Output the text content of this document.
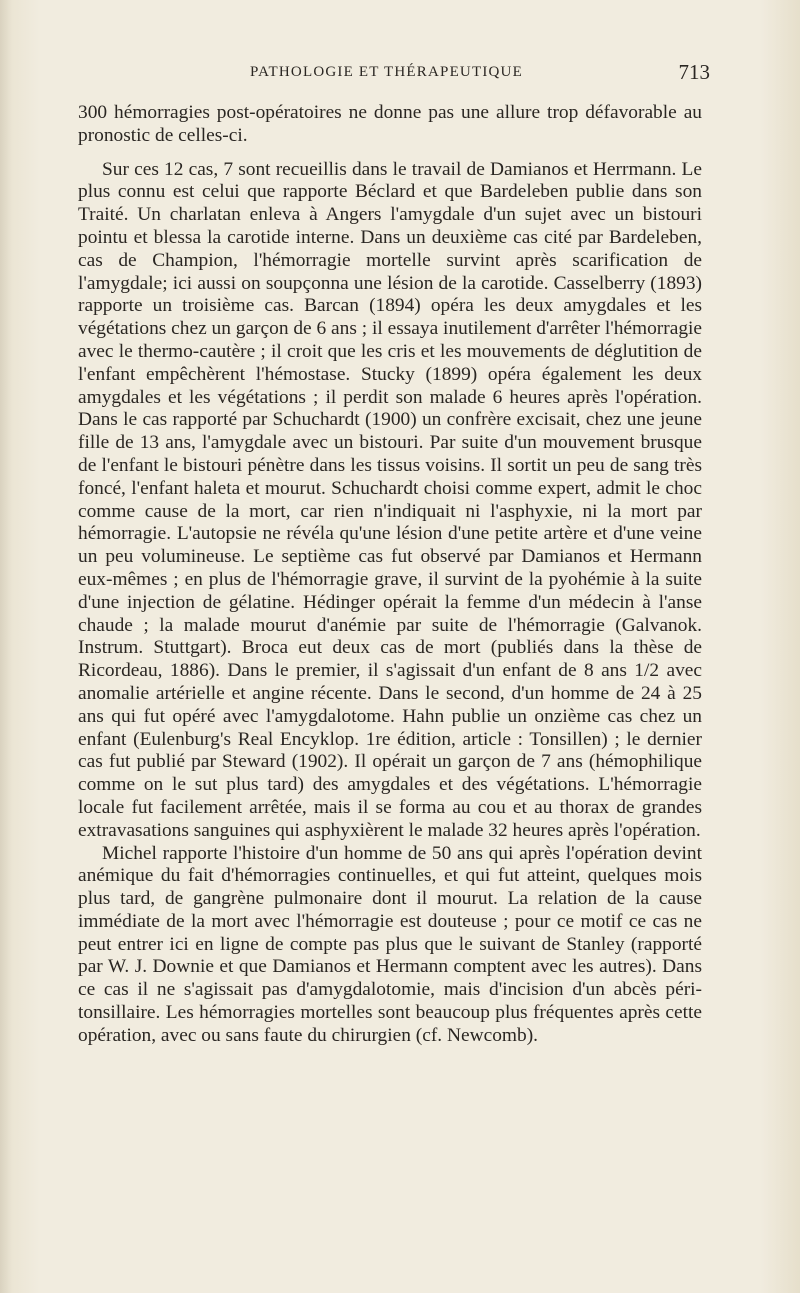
PATHOLOGIE ET THÉRAPEUTIQUE	713

300 hémorragies post-opératoires ne donne pas une allure trop défavorable au pronostic de celles-ci.

Sur ces 12 cas, 7 sont recueillis dans le travail de Damianos et Herrmann. Le plus connu est celui que rapporte Béclard et que Bardeleben publie dans son Traité. Un charlatan enleva à Angers l'amygdale d'un sujet avec un bistouri pointu et blessa la carotide interne. Dans un deuxième cas cité par Bardeleben, cas de Champion, l'hémorragie mortelle survint après scarification de l'amygdale; ici aussi on soupçonna une lésion de la carotide. Casselberry (1893) rapporte un troisième cas. Barcan (1894) opéra les deux amygdales et les végétations chez un garçon de 6 ans ; il essaya inutilement d'arrêter l'hémorragie avec le thermo-cautère ; il croit que les cris et les mouvements de déglutition de l'enfant empêchèrent l'hémostase. Stucky (1899) opéra également les deux amygdales et les végétations ; il perdit son malade 6 heures après l'opération. Dans le cas rapporté par Schuchardt (1900) un confrère excisait, chez une jeune fille de 13 ans, l'amygdale avec un bistouri. Par suite d'un mouvement brusque de l'enfant le bistouri pénètre dans les tissus voisins. Il sortit un peu de sang très foncé, l'enfant haleta et mourut. Schuchardt choisi comme expert, admit le choc comme cause de la mort, car rien n'indiquait ni l'asphyxie, ni la mort par hémorragie. L'autopsie ne révéla qu'une lésion d'une petite artère et d'une veine un peu volumineuse. Le septième cas fut observé par Damianos et Hermann eux-mêmes ; en plus de l'hémorragie grave, il survint de la pyohémie à la suite d'une injection de gélatine. Hédinger opérait la femme d'un médecin à l'anse chaude ; la malade mourut d'anémie par suite de l'hémorragie (Galvanok. Instrum. Stuttgart). Broca eut deux cas de mort (publiés dans la thèse de Ricordeau, 1886). Dans le premier, il s'agissait d'un enfant de 8 ans 1/2 avec anomalie artérielle et angine récente. Dans le second, d'un homme de 24 à 25 ans qui fut opéré avec l'amygdalotome. Hahn publie un onzième cas chez un enfant (Eulenburg's Real Encyklop. 1re édition, article : Tonsillen) ; le dernier cas fut publié par Steward (1902). Il opérait un garçon de 7 ans (hémophilique comme on le sut plus tard) des amygdales et des végétations. L'hémorragie locale fut facilement arrêtée, mais il se forma au cou et au thorax de grandes extravasations sanguines qui asphyxièrent le malade 32 heures après l'opération.

Michel rapporte l'histoire d'un homme de 50 ans qui après l'opération devint anémique du fait d'hémorragies continuelles, et qui fut atteint, quelques mois plus tard, de gangrène pulmonaire dont il mourut. La relation de la cause immédiate de la mort avec l'hémorragie est douteuse ; pour ce motif ce cas ne peut entrer ici en ligne de compte pas plus que le suivant de Stanley (rapporté par W. J. Downie et que Damianos et Hermann comptent avec les autres). Dans ce cas il ne s'agissait pas d'amygdalotomie, mais d'incision d'un abcès péri-tonsillaire. Les hémorragies mortelles sont beaucoup plus fréquentes après cette opération, avec ou sans faute du chirurgien (cf. Newcomb).
